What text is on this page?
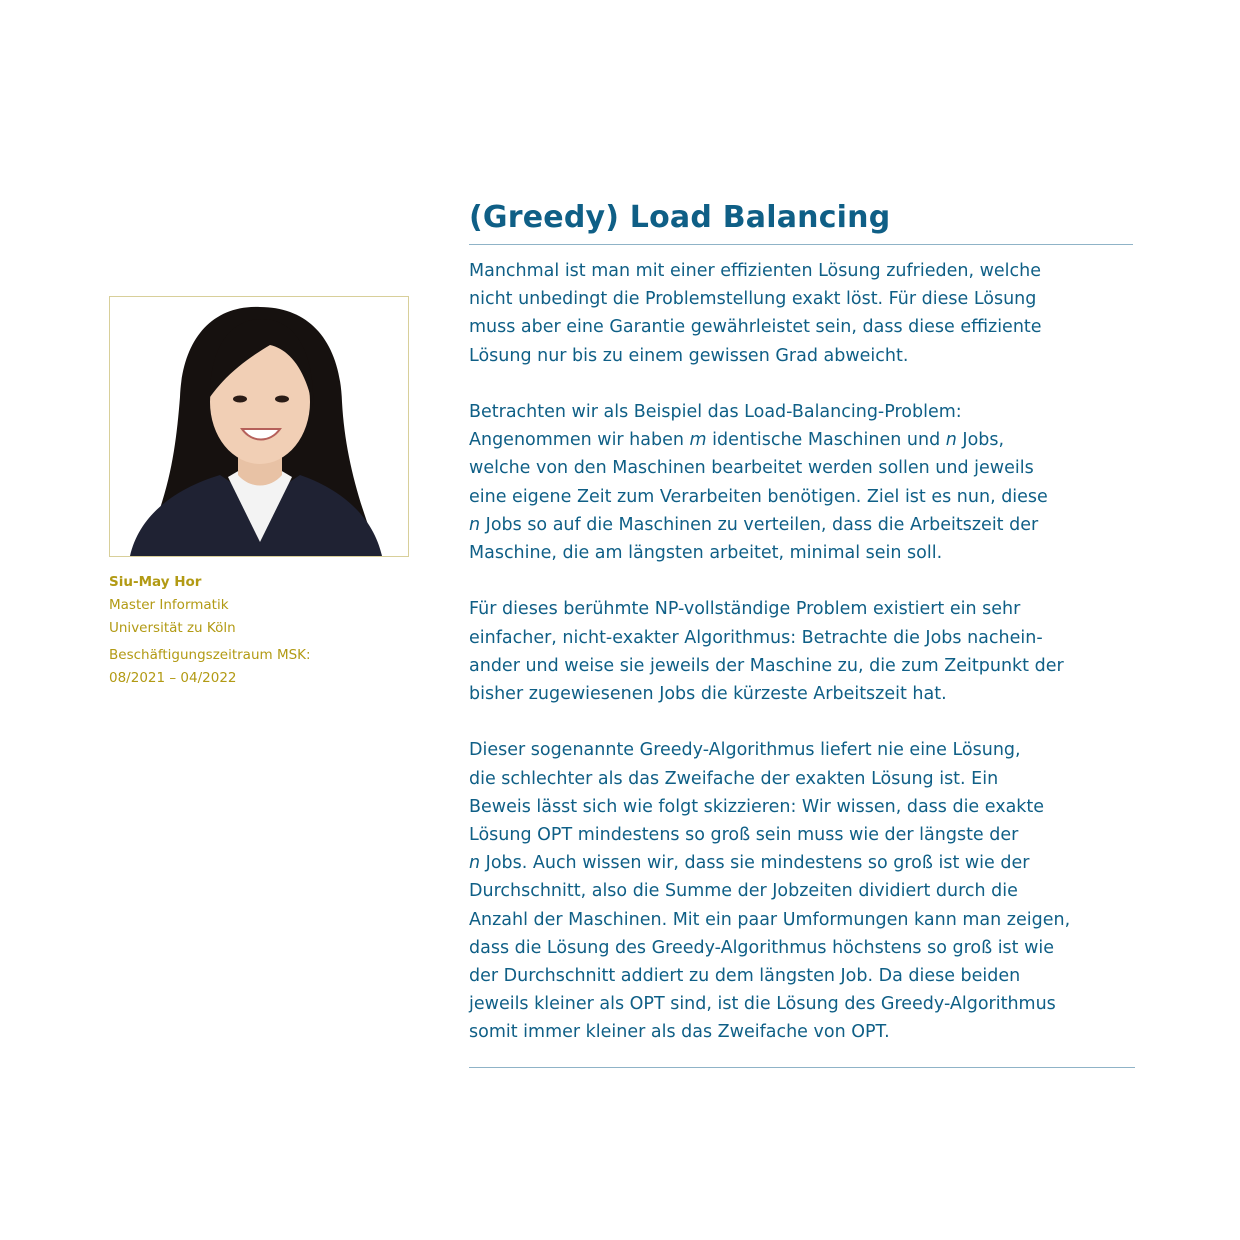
Siu-May Hor
Master Informatik
Universität zu Köln
Beschäftigungszeitraum MSK:
08/2021 – 04/2022
(Greedy) Load Balancing
Manchmal ist man mit einer effizienten Lösung zufrieden, welche
nicht unbedingt die Problemstellung exakt löst. Für diese Lösung
muss aber eine Garantie gewährleistet sein, dass diese effiziente
Lösung nur bis zu einem gewissen Grad abweicht.
Betrachten wir als Beispiel das Load-Balancing-Problem:
Angenommen wir haben m identische Maschinen und n Jobs,
welche von den Maschinen bearbeitet werden sollen und jeweils
eine eigene Zeit zum Verarbeiten benötigen. Ziel ist es nun, diese
n Jobs so auf die Maschinen zu verteilen, dass die Arbeitszeit der
Maschine, die am längsten arbeitet, minimal sein soll.
Für dieses berühmte NP-vollständige Problem existiert ein sehr
einfacher, nicht-exakter Algorithmus: Betrachte die Jobs nachein-
ander und weise sie jeweils der Maschine zu, die zum Zeitpunkt der
bisher zugewiesenen Jobs die kürzeste Arbeitszeit hat.
Dieser sogenannte Greedy-Algorithmus liefert nie eine Lösung,
die schlechter als das Zweifache der exakten Lösung ist. Ein
Beweis lässt sich wie folgt skizzieren: Wir wissen, dass die exakte
Lösung OPT mindestens so groß sein muss wie der längste der
n Jobs. Auch wissen wir, dass sie mindestens so groß ist wie der
Durchschnitt, also die Summe der Jobzeiten dividiert durch die
Anzahl der Maschinen. Mit ein paar Umformungen kann man zeigen,
dass die Lösung des Greedy-Algorithmus höchstens so groß ist wie
der Durchschnitt addiert zu dem längsten Job. Da diese beiden
jeweils kleiner als OPT sind, ist die Lösung des Greedy-Algorithmus
somit immer kleiner als das Zweifache von OPT.
